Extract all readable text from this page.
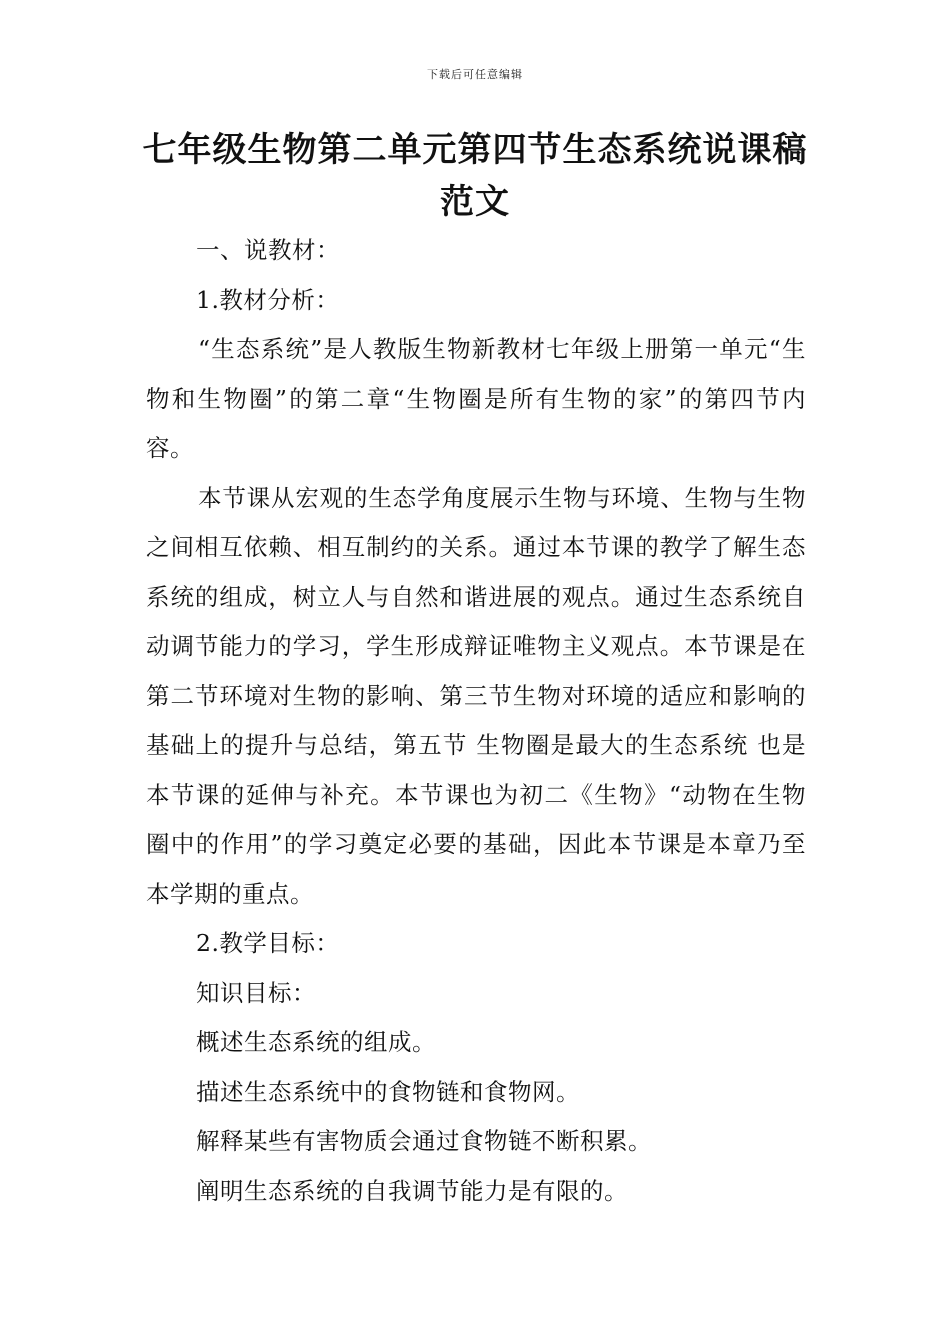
下载后可任意编辑
七年级生物第二单元第四节生态系统说课稿范文

一、说教材：

1.教材分析：

“生态系统”是人教版生物新教材七年级上册第一单元“生物和生物圈”的第二章“生物圈是所有生物的家”的第四节内容。

本节课从宏观的生态学角度展示生物与环境、生物与生物之间相互依赖、相互制约的关系。通过本节课的教学了解生态系统的组成，树立人与自然和谐进展的观点。通过生态系统自动调节能力的学习，学生形成辩证唯物主义观点。本节课是在第二节环境对生物的影响、第三节生物对环境的适应和影响的基础上的提升与总结，第五节 生物圈是最大的生态系统 也是本节课的延伸与补充。本节课也为初二《生物》“动物在生物圈中的作用”的学习奠定必要的基础，因此本节课是本章乃至本学期的重点。

2.教学目标：

知识目标：

概述生态系统的组成。

描述生态系统中的食物链和食物网。

解释某些有害物质会通过食物链不断积累。

阐明生态系统的自我调节能力是有限的。
